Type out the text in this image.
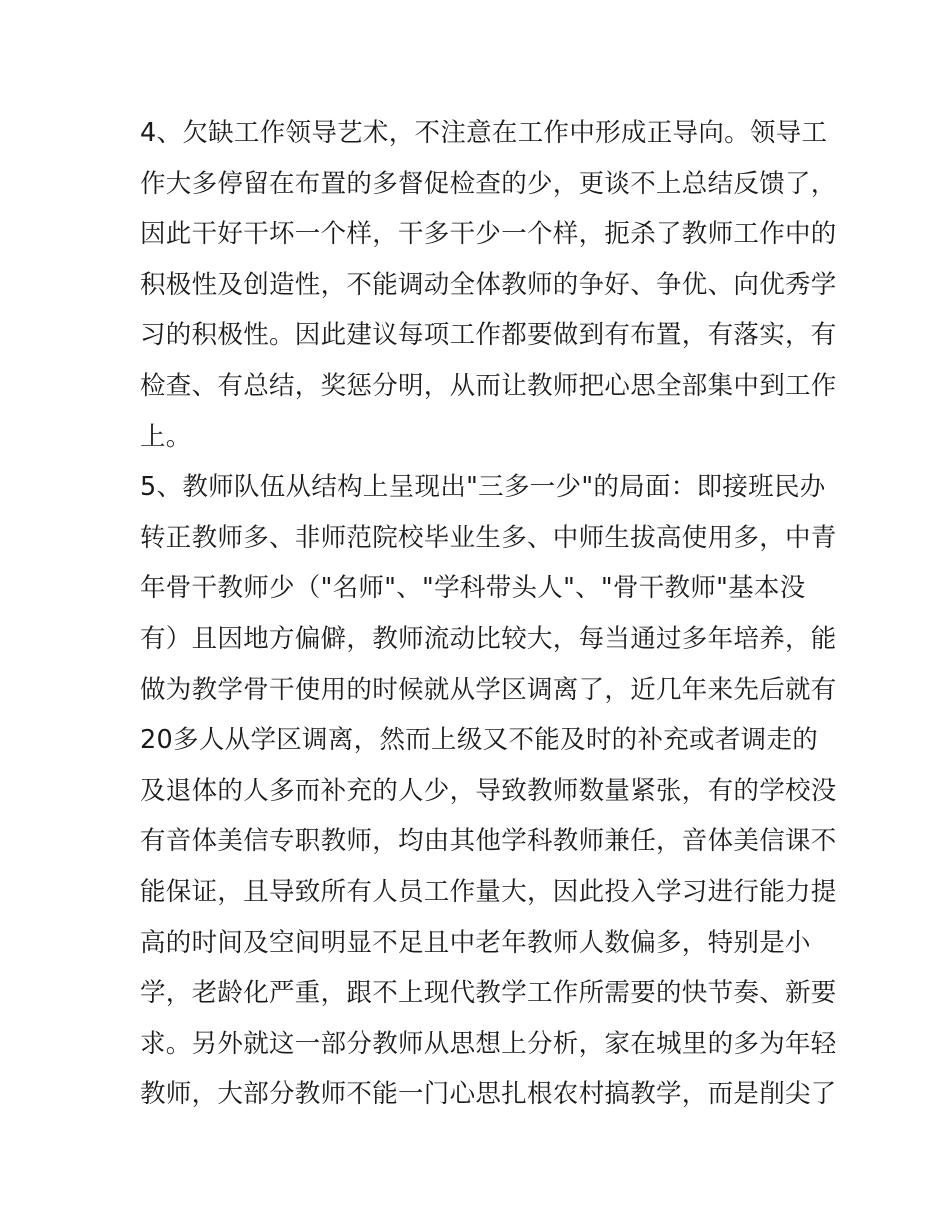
4、欠缺工作领导艺术，不注意在工作中形成正导向。领导工
作大多停留在布置的多督促检查的少，更谈不上总结反馈了，
因此干好干坏一个样，干多干少一个样，扼杀了教师工作中的
积极性及创造性，不能调动全体教师的争好、争优、向优秀学
习的积极性。因此建议每项工作都要做到有布置，有落实，有
检查、有总结，奖惩分明，从而让教师把心思全部集中到工作
上。
5、教师队伍从结构上呈现出"三多一少"的局面：即接班民办
转正教师多、非师范院校毕业生多、中师生拔高使用多，中青
年骨干教师少（"名师"、"学科带头人"、"骨干教师"基本没
有）且因地方偏僻，教师流动比较大，每当通过多年培养，能
做为教学骨干使用的时候就从学区调离了，近几年来先后就有
20多人从学区调离，然而上级又不能及时的补充或者调走的
及退体的人多而补充的人少，导致教师数量紧张，有的学校没
有音体美信专职教师，均由其他学科教师兼任，音体美信课不
能保证，且导致所有人员工作量大，因此投入学习进行能力提
高的时间及空间明显不足且中老年教师人数偏多，特别是小
学，老龄化严重，跟不上现代教学工作所需要的快节奏、新要
求。另外就这一部分教师从思想上分析，家在城里的多为年轻
教师，大部分教师不能一门心思扎根农村搞教学，而是削尖了
